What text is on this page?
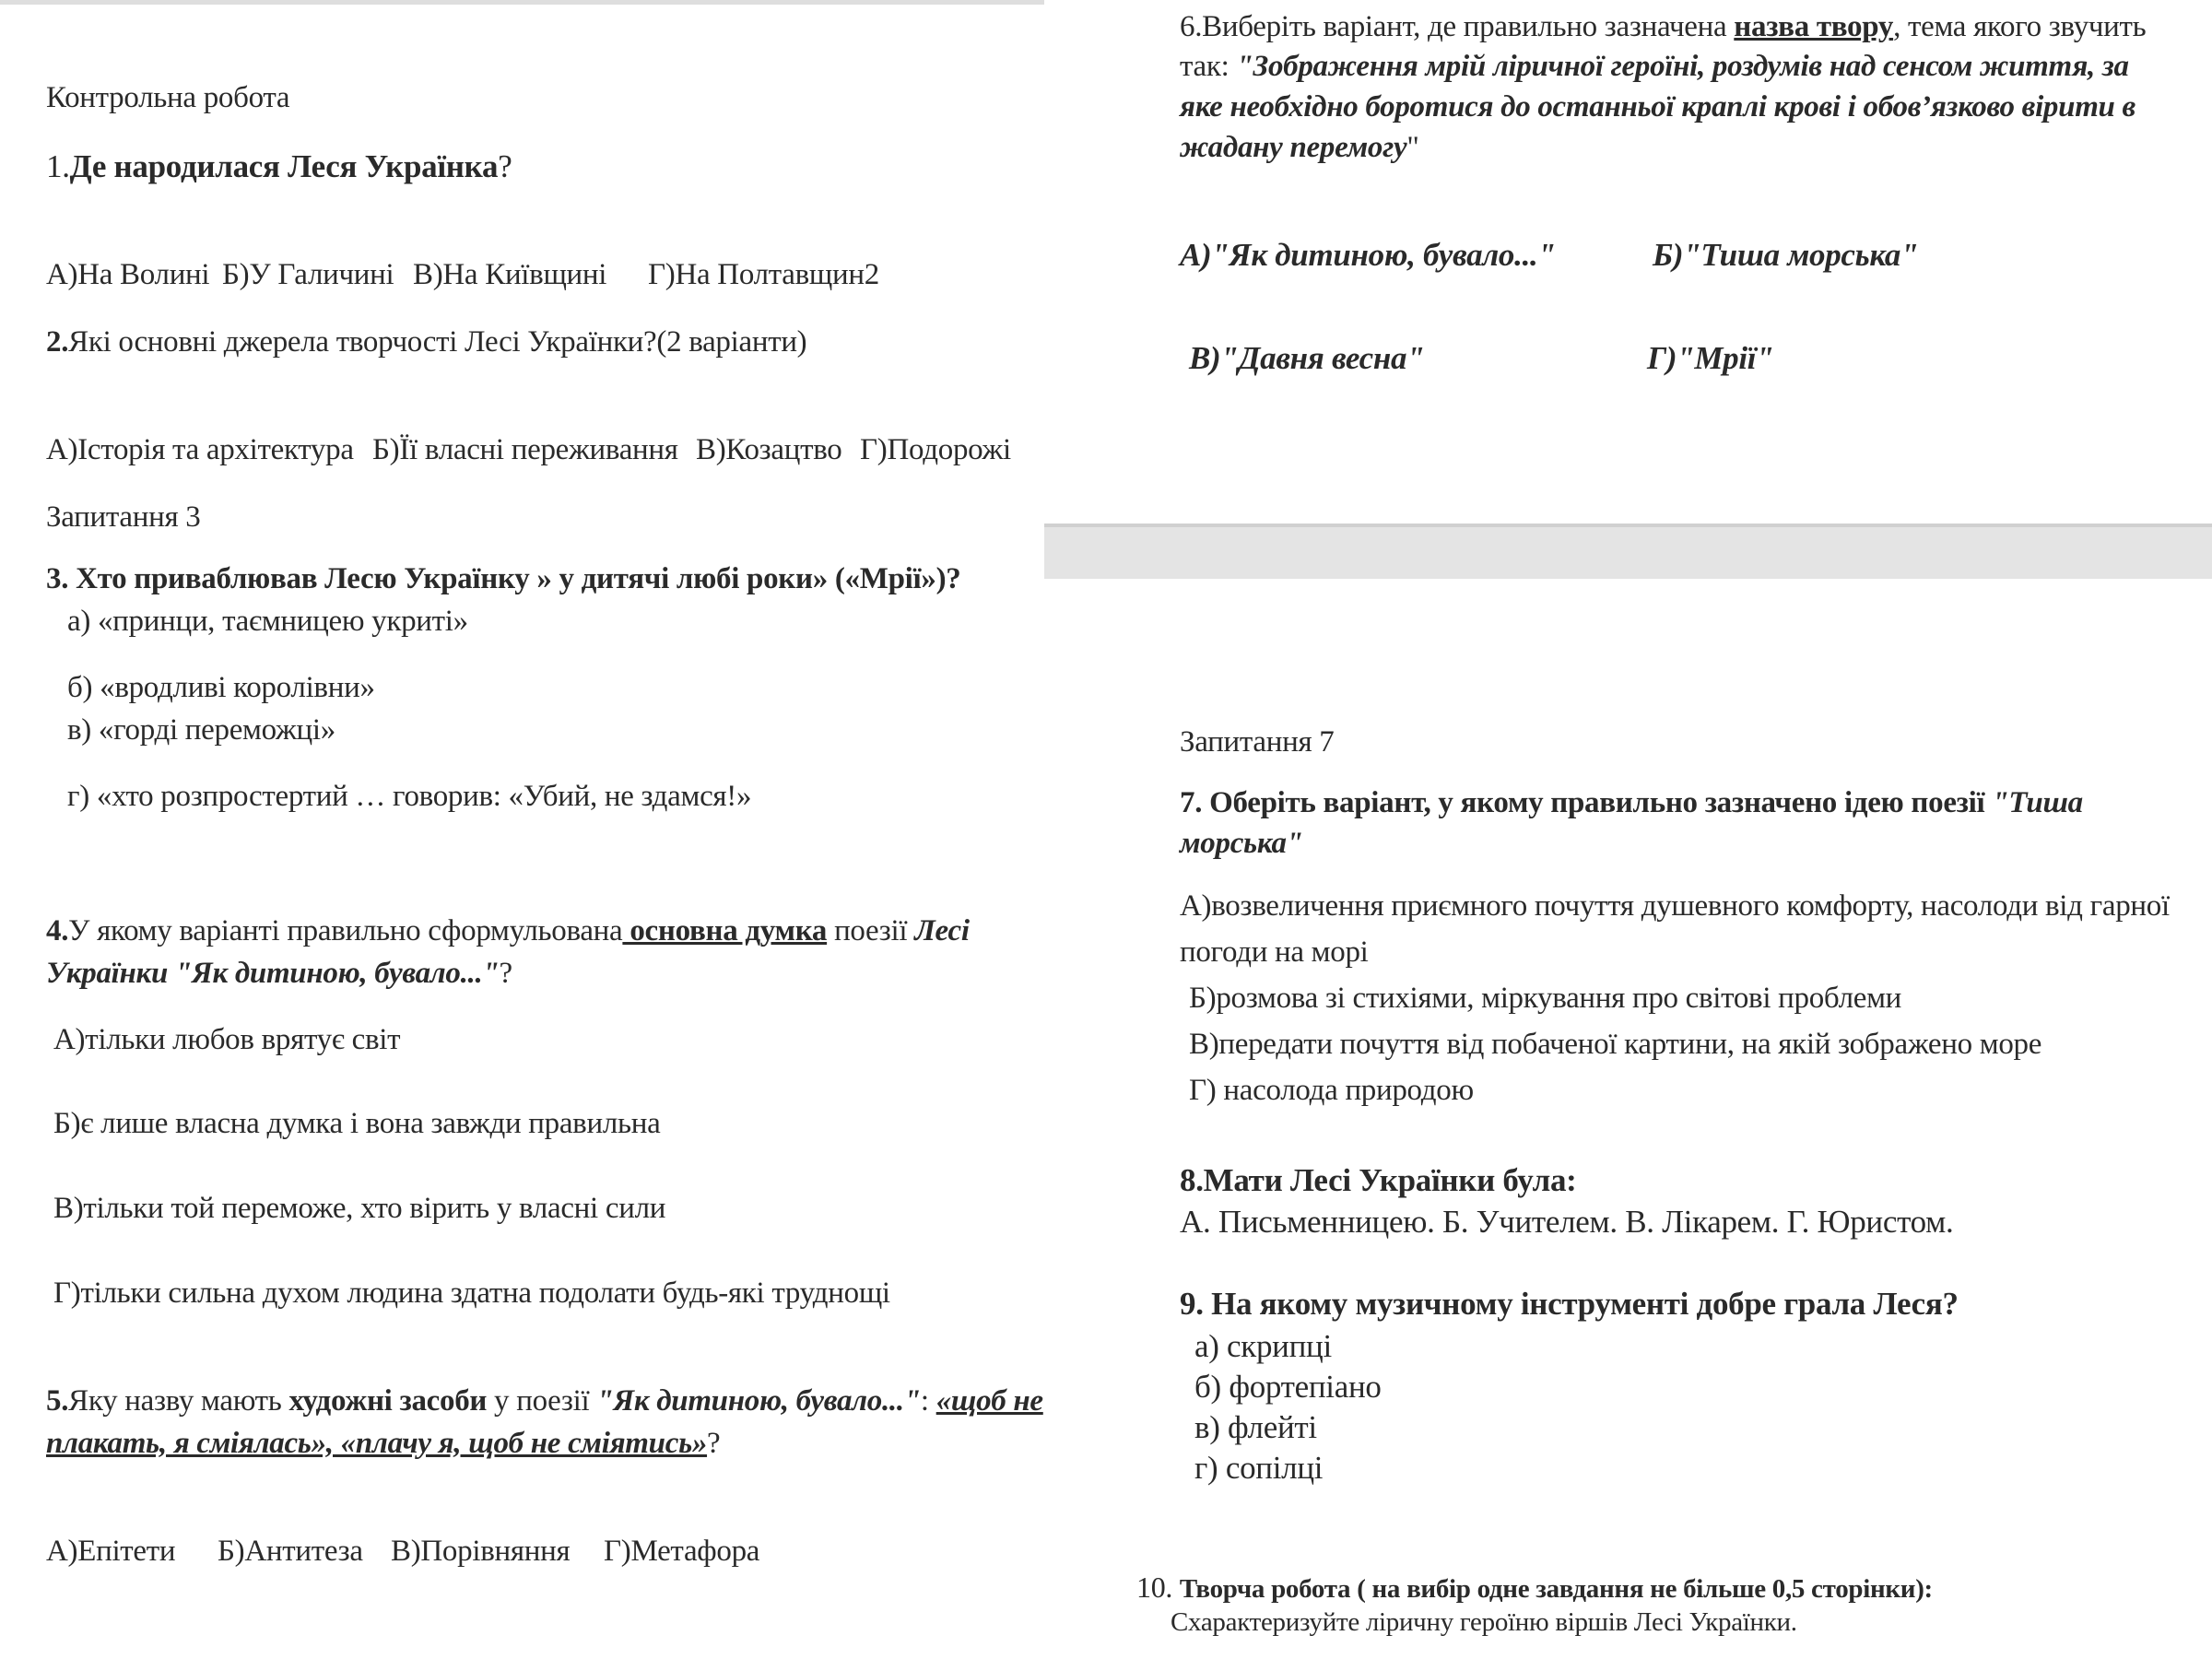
Контрольна робота
1.Де народилася Леся Українка?
А)На Волині Б)У Галичині В)На Київщині Г)На Полтавщин2
2.Які основні джерела творчості Лесі Українки?(2 варіанти)
А)Історія та архітектура Б)Її власні переживання В)Козацтво Г)Подорожі
Запитання 3
3. Хто приваблював Лесю Українку » у дитячі любі роки» («Мрії»)?
а) «принци, таємницею укриті»
б) «вродливі королівни»
в) «горді переможці»
г) «хто розпростертий … говорив: «Убий, не здамся!»
4.У якому варіанті правильно сформульована основна думка поезії Лесі
Українки "Як дитиною, бувало..."?
А)тільки любов врятує світ
Б)є лише власна думка і вона завжди правильна
В)тільки той переможе, хто вірить у власні сили
Г)тільки сильна духом людина здатна подолати будь-які труднощі
5.Яку назву мають художні засоби у поезії "Як дитиною, бувало...": «щоб не
плакать, я сміялась», «плачу я, щоб не сміятись»?
А)Епітети Б)Антитеза В)Порівняння Г)Метафора
6.Виберіть варіант, де правильно зазначена назва твору, тема якого звучить
так: "Зображення мрій ліричної героїні, роздумів над сенсом життя, за
яке необхідно боротися до останньої краплі крові і обов’язково вірити в
жадану перемогу"
А)"Як дитиною, бувало..."	Б)"Тиша морська"
В)"Давня весна"	Г)"Мрії"
Запитання 7
7. Оберіть варіант, у якому правильно зазначено ідею поезії "Тиша
морська"
А)возвеличення приємного почуття душевного комфорту, насолоди від гарної
погоди на морі
Б)розмова зі стихіями, міркування про світові проблеми
В)передати почуття від побаченої картини, на якій зображено море
Г) насолода природою
8.Мати Лесі Українки була:
А. Письменницею. Б. Учителем. В. Лікарем. Г. Юристом.
9. На якому музичному інструменті добре грала Леся?
а) скрипці
б) фортепіано
в) флейті
г) сопілці
10. Творча робота ( на вибір одне завдання не більше 0,5 сторінки):
Схарактеризуйте ліричну героїню віршів Лесі Українки.
